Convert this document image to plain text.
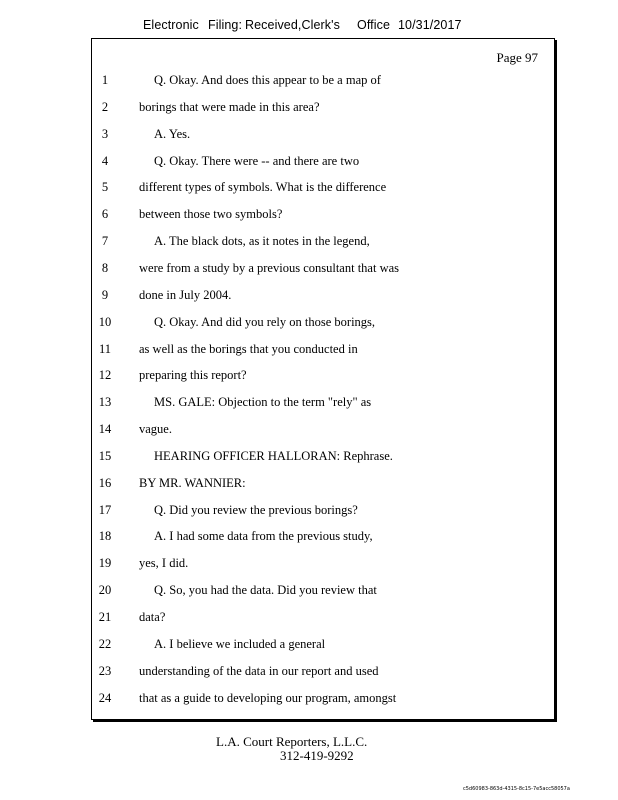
Electronic Filing: Received,Clerk's Office 10/31/2017
Page 97
1	Q. Okay. And does this appear to be a map of
2	borings that were made in this area?
3	A. Yes.
4	Q. Okay. There were -- and there are two
5	different types of symbols. What is the difference
6	between those two symbols?
7	A. The black dots, as it notes in the legend,
8	were from a study by a previous consultant that was
9	done in July 2004.
10	Q. Okay. And did you rely on those borings,
11	as well as the borings that you conducted in
12	preparing this report?
13	MS. GALE: Objection to the term "rely" as
14	vague.
15	HEARING OFFICER HALLORAN: Rephrase.
16	BY MR. WANNIER:
17	Q. Did you review the previous borings?
18	A. I had some data from the previous study,
19	yes, I did.
20	Q. So, you had the data. Did you review that
21	data?
22	A. I believe we included a general
23	understanding of the data in our report and used
24	that as a guide to developing our program, amongst
L.A. Court Reporters, L.L.C.
312-419-9292
c5d60983-863d-4315-8c15-7e5acc58057a
